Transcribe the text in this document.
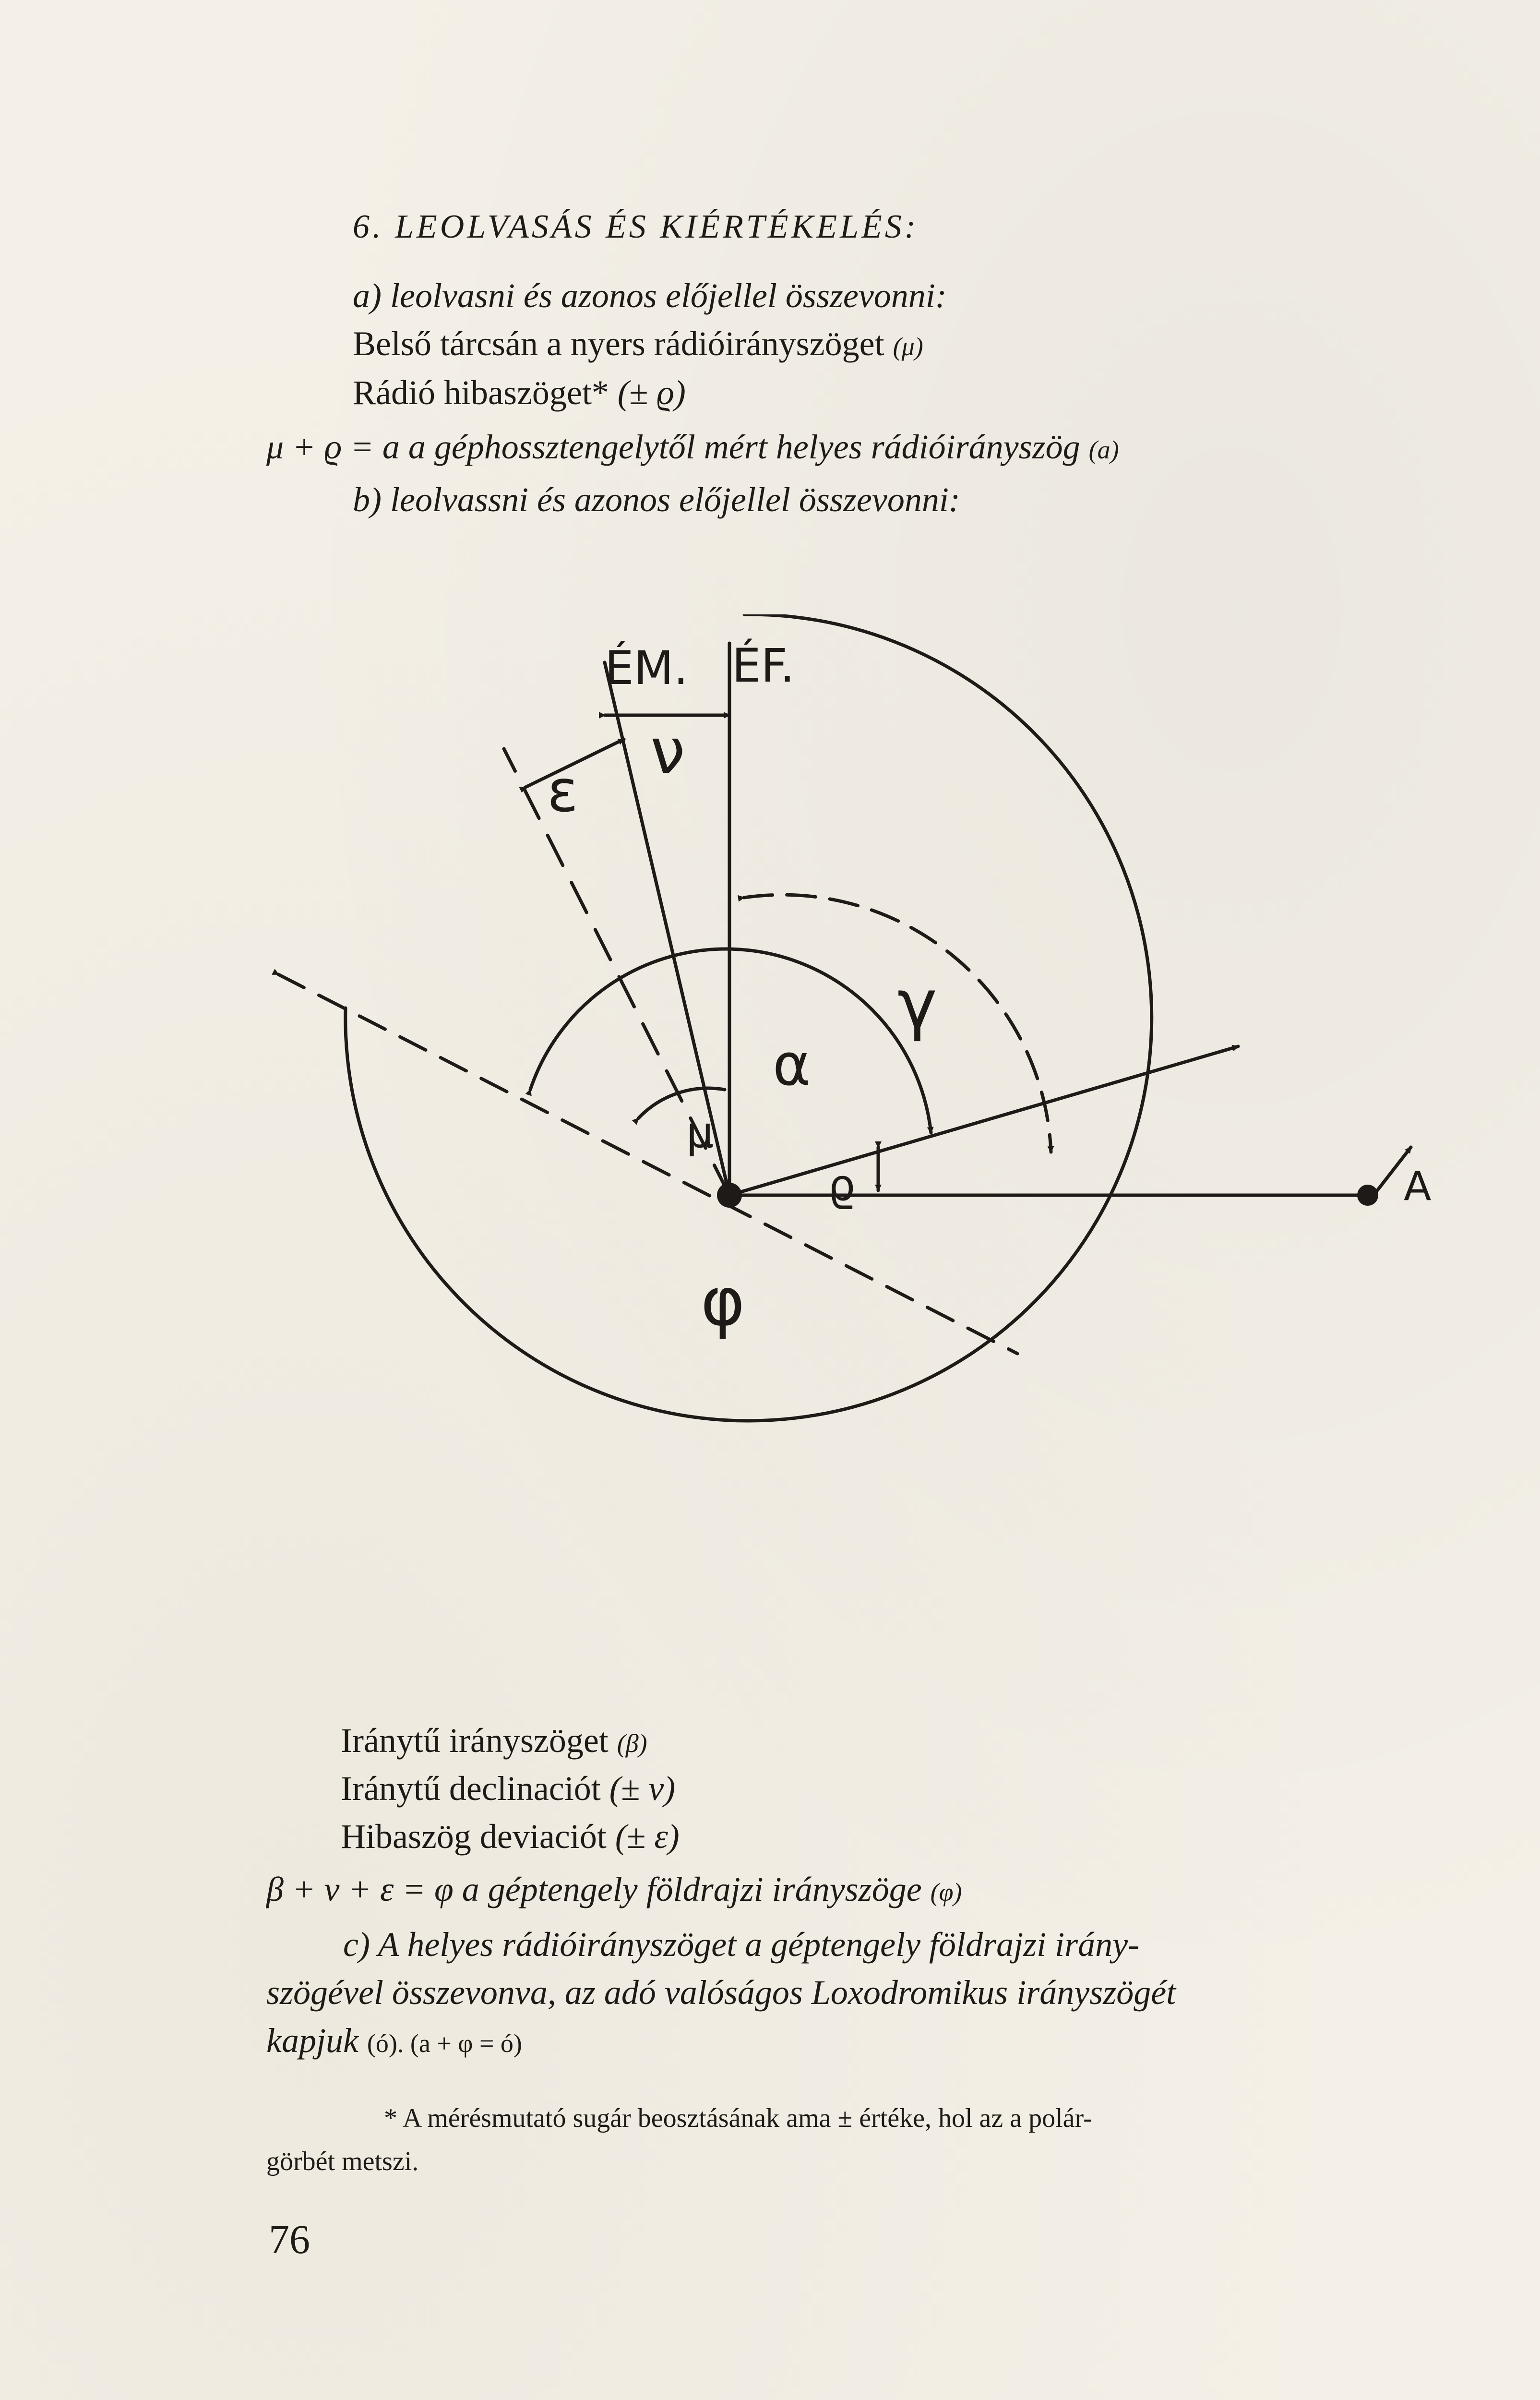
6. LEOLVASÁS ÉS KIÉRTÉKELÉS:
a) leolvasni és azonos előjellel összevonni:
Belső tárcsán a nyers rádióirányszöget (μ)
Rádió hibaszöget* (± ϱ)
μ + ϱ = a a géphossztengelytől mért helyes rádióirányszög (a)
b) leolvassni és azonos előjellel összevonni:
ÉM. ÉF.
ν
ε
γ
α
μ
ϱ
φ
A
Iránytű irányszöget (β)
Iránytű declinaciót (± v)
Hibaszög deviaciót (± ε)
β + v + ε = φ a géptengely földrajzi irányszöge (φ)
c) A helyes rádióirányszöget a géptengely földrajzi irány-
szögével összevonva, az adó valóságos Loxodromikus irányszögét
kapjuk (ó). (a + φ = ó)
* A mérésmutató sugár beosztásának ama ± értéke, hol az a polár-
görbét metszi.
76
